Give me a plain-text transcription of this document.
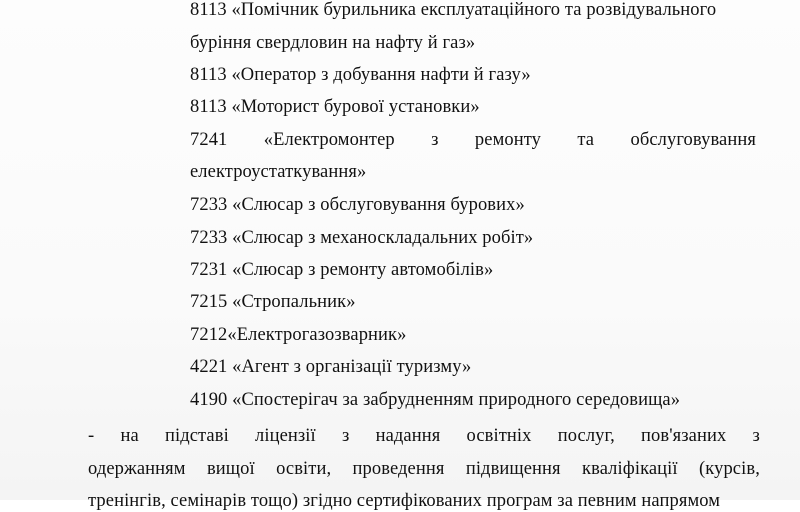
8113 «Помічник бурильника експлуатаційного та розвідувального
буріння свердловин на нафту й газ»
8113 «Оператор з добування нафти й газу»
8113 «Моторист бурової установки»
7241 «Електромонтер з ремонту та обслуговування
електроустаткування»
7233 «Слюсар з обслуговування бурових»
7233 «Слюсар з механоскладальних робіт»
7231 «Слюсар з ремонту автомобілів»
7215 «Стропальник»
7212«Електрогазозварник»
4221 «Агент з організації туризму»
4190 «Спостерігач за забрудненням природного середовища»
- на підставі ліцензії з надання освітніх послуг, пов'язаних з
одержанням вищої освіти, проведення підвищення кваліфікації (курсів,
тренінгів, семінарів тощо) згідно сертифікованих програм за певним напрямом
